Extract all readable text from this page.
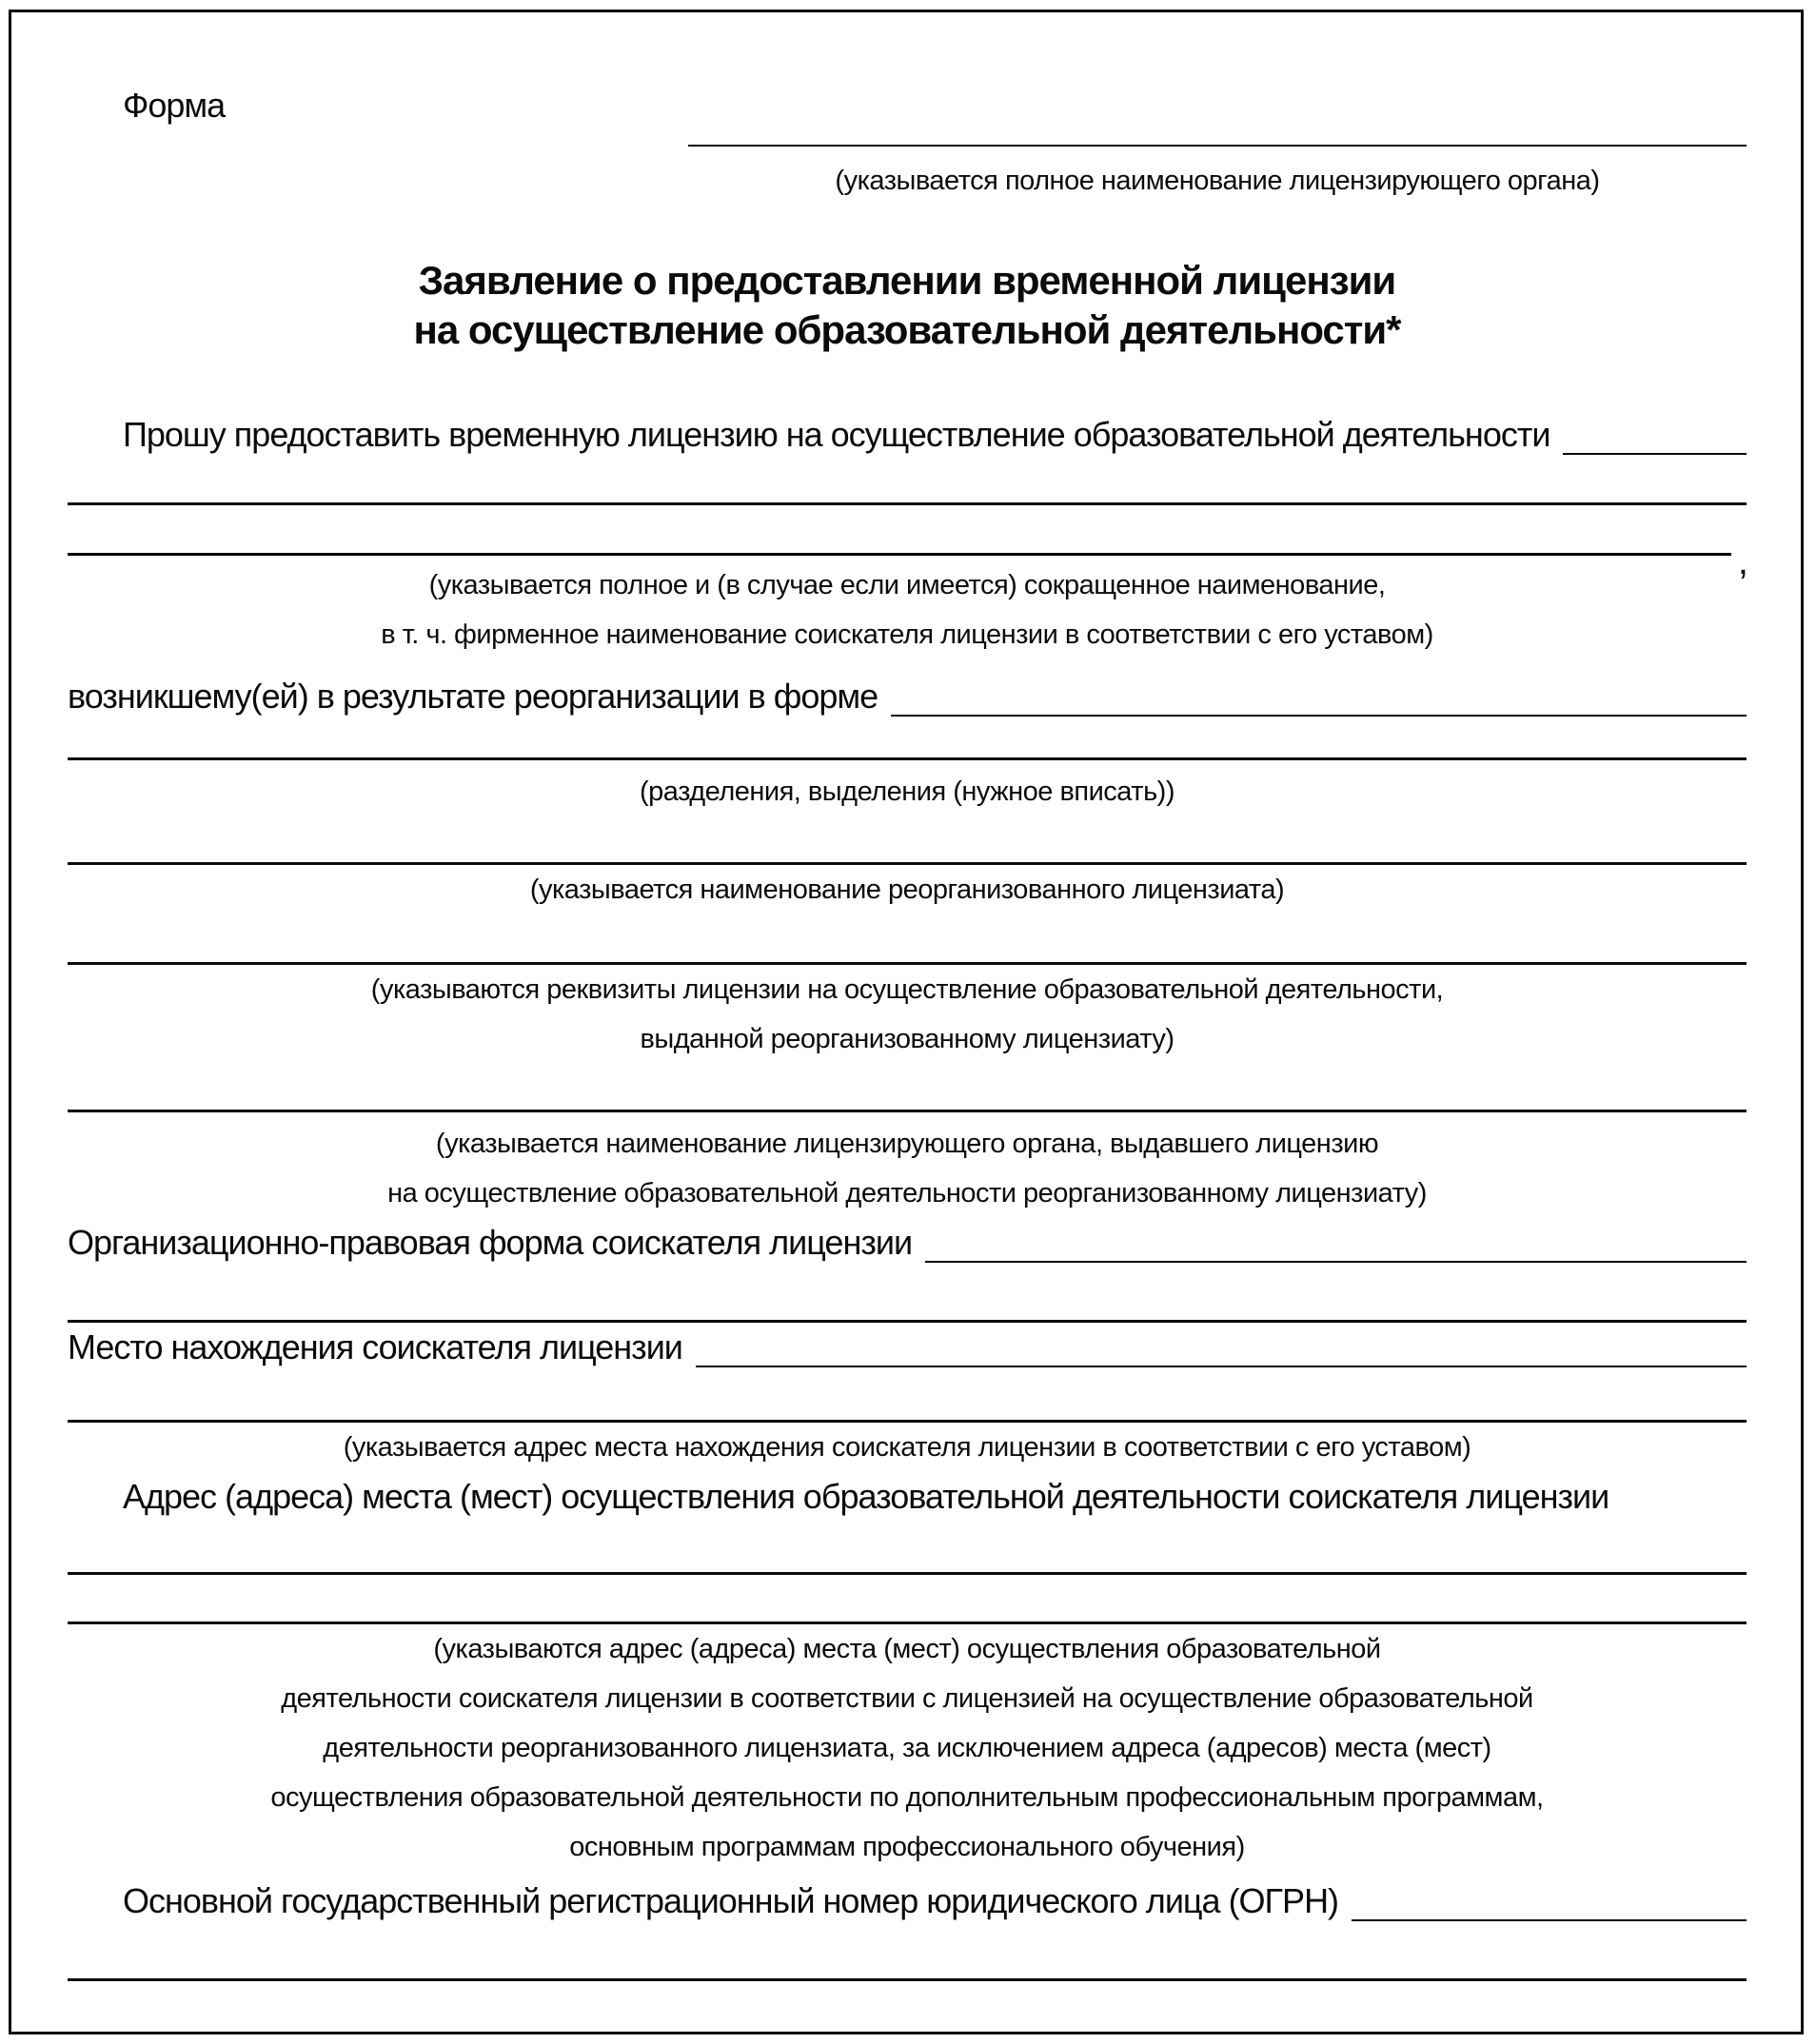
Форма
(указывается полное наименование лицензирующего органа)
Заявление о предоставлении временной лицензии
на осуществление образовательной деятельности*
Прошу предоставить временную лицензию на осуществление образовательной деятельности
,
(указывается полное и (в случае если имеется) сокращенное наименование,
в т. ч. фирменное наименование соискателя лицензии в соответствии с его уставом)
возникшему(ей) в результате реорганизации в форме
(разделения, выделения (нужное вписать))
(указывается наименование реорганизованного лицензиата)
(указываются реквизиты лицензии на осуществление образовательной деятельности,
выданной реорганизованному лицензиату)
(указывается наименование лицензирующего органа, выдавшего лицензию
на осуществление образовательной деятельности реорганизованному лицензиату)
Организационно-правовая форма соискателя лицензии
Место нахождения соискателя лицензии
(указывается адрес места нахождения соискателя лицензии в соответствии с его уставом)
Адрес (адреса) места (мест) осуществления образовательной деятельности соискателя лицензии
(указываются адрес (адреса) места (мест) осуществления образовательной
деятельности соискателя лицензии в соответствии с лицензией на осуществление образовательной
деятельности реорганизованного лицензиата, за исключением адреса (адресов) места (мест)
осуществления образовательной деятельности по дополнительным профессиональным программам,
основным программам профессионального обучения)
Основной государственный регистрационный номер юридического лица (ОГРН)
